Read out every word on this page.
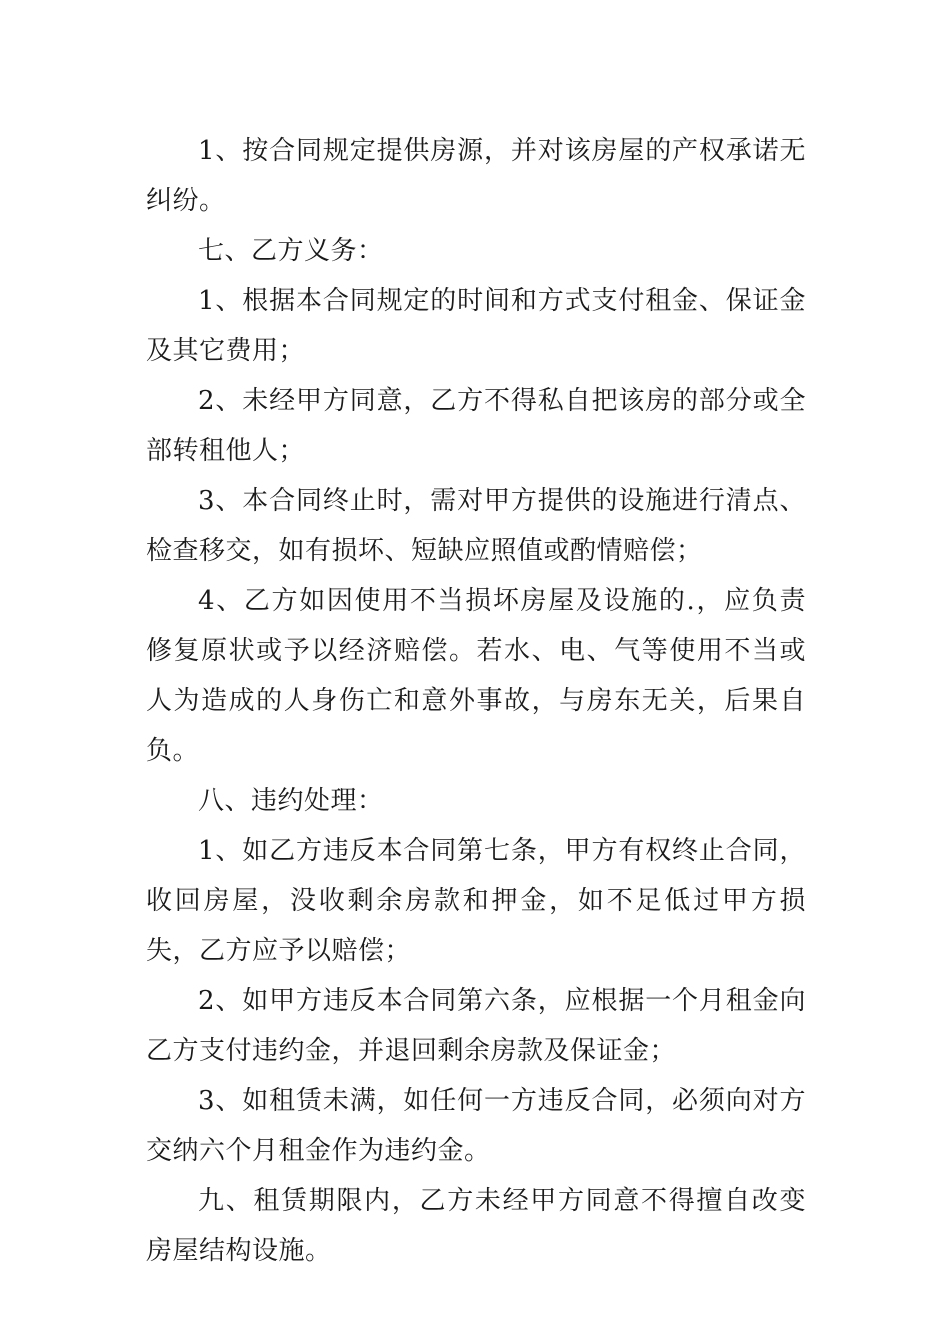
1、按合同规定提供房源，并对该房屋的产权承诺无纠纷。

七、乙方义务：

1、根据本合同规定的时间和方式支付租金、保证金及其它费用；

2、未经甲方同意，乙方不得私自把该房的部分或全部转租他人；

3、本合同终止时，需对甲方提供的设施进行清点、检查移交，如有损坏、短缺应照值或酌情赔偿；

4、乙方如因使用不当损坏房屋及设施的.，应负责修复原状或予以经济赔偿。若水、电、气等使用不当或人为造成的人身伤亡和意外事故，与房东无关，后果自负。

八、违约处理：

1、如乙方违反本合同第七条，甲方有权终止合同，收回房屋，没收剩余房款和押金，如不足低过甲方损失，乙方应予以赔偿；

2、如甲方违反本合同第六条，应根据一个月租金向乙方支付违约金，并退回剩余房款及保证金；

3、如租赁未满，如任何一方违反合同，必须向对方交纳六个月租金作为违约金。

九、租赁期限内，乙方未经甲方同意不得擅自改变房屋结构设施。
